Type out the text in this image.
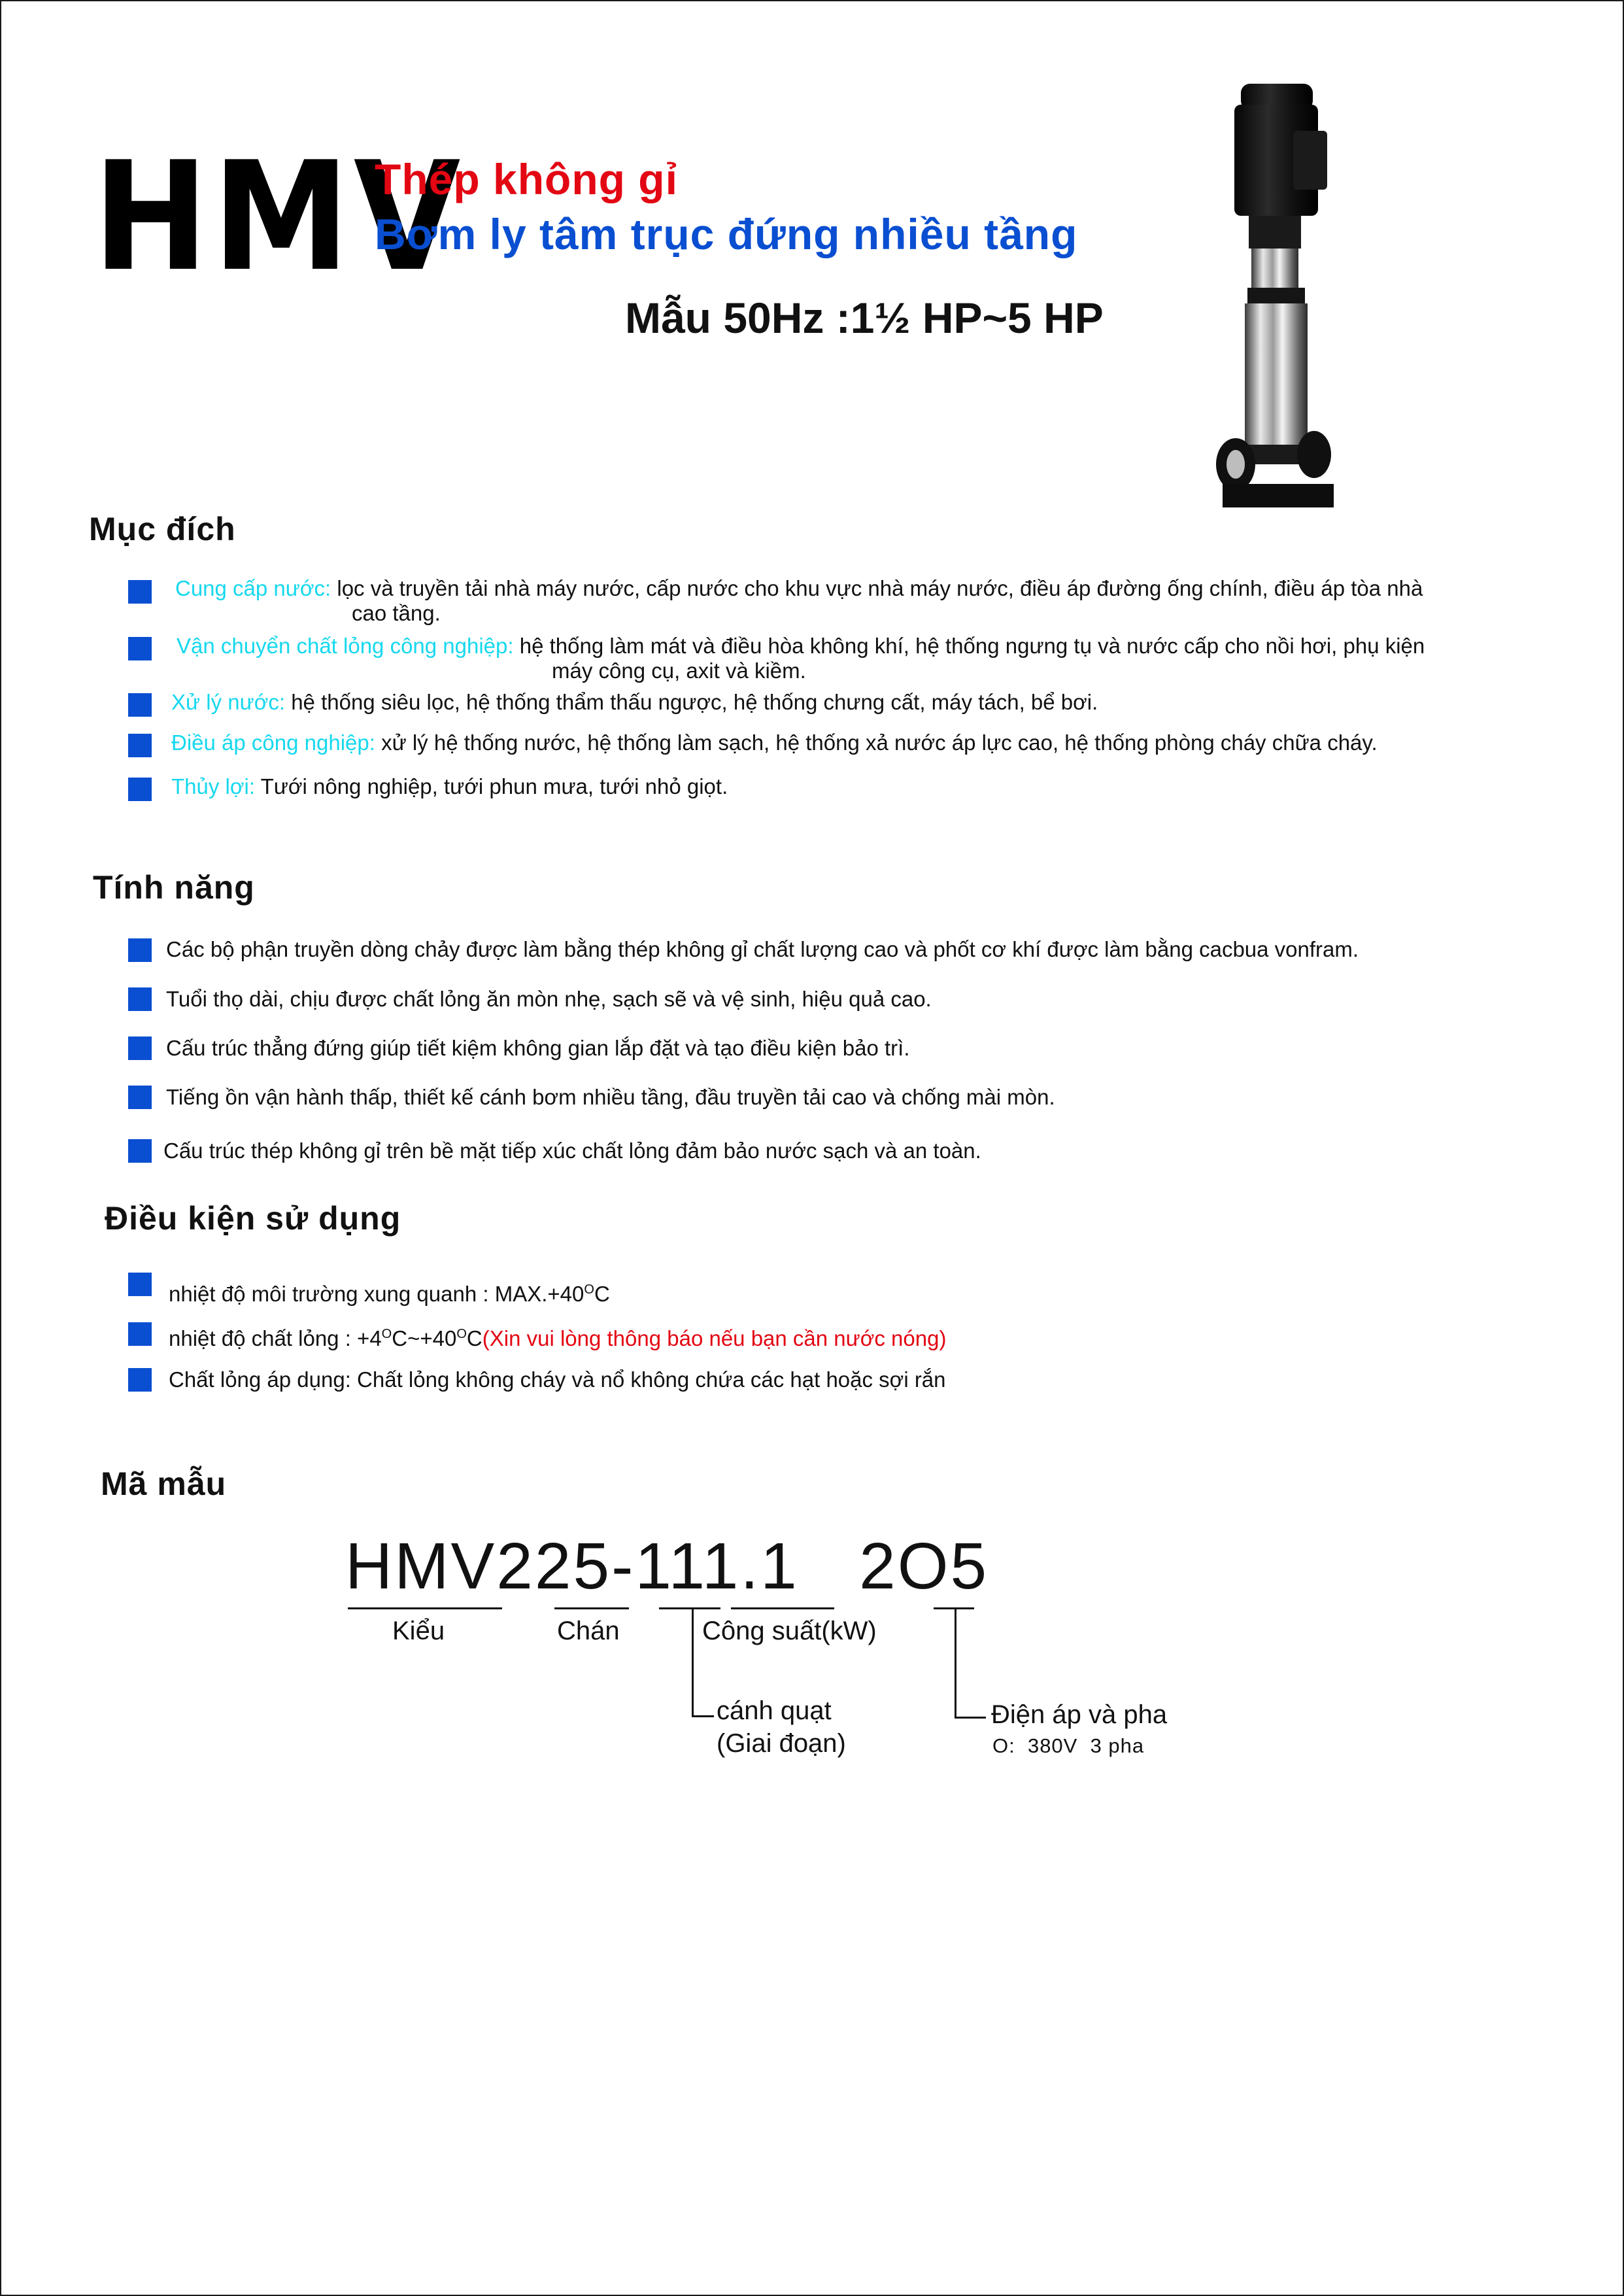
HMV
Thép không gỉ
Bơm ly tâm trục đứng nhiều tầng
Mẫu 50Hz :1½ HP~5 HP
Mục đích
Cung cấp nước: lọc và truyền tải nhà máy nước, cấp nước cho khu vực nhà máy nước, điều áp đường ống chính, điều áp tòa nhà
cao tầng.
Vận chuyển chất lỏng công nghiệp: hệ thống làm mát và điều hòa không khí, hệ thống ngưng tụ và nước cấp cho nồi hơi, phụ kiện
máy công cụ, axit và kiềm.
Xử lý nước: hệ thống siêu lọc, hệ thống thẩm thấu ngược, hệ thống chưng cất, máy tách, bể bơi.
Điều áp công nghiệp: xử lý hệ thống nước, hệ thống làm sạch, hệ thống xả nước áp lực cao, hệ thống phòng cháy chữa cháy.
Thủy lợi: Tưới nông nghiệp, tưới phun mưa, tưới nhỏ giọt.
Tính năng
Các bộ phận truyền dòng chảy được làm bằng thép không gỉ chất lượng cao và phốt cơ khí được làm bằng cacbua vonfram.
Tuổi thọ dài, chịu được chất lỏng ăn mòn nhẹ, sạch sẽ và vệ sinh, hiệu quả cao.
Cấu trúc thẳng đứng giúp tiết kiệm không gian lắp đặt và tạo điều kiện bảo trì.
Tiếng ồn vận hành thấp, thiết kế cánh bơm nhiều tầng, đầu truyền tải cao và chống mài mòn.
Cấu trúc thép không gỉ trên bề mặt tiếp xúc chất lỏng đảm bảo nước sạch và an toàn.
Điều kiện sử dụng
nhiệt độ môi trường xung quanh : $MAX.+40^OC$
nhiệt độ chất lỏng : $+4^OC\sim+40^OC(Xin$ vui lòng thông báo nếu bạn cần nước nóng)
Chất lỏng áp dụng: Chất lỏng không cháy và nổ không chứa các hạt hoặc sợi rắn
Mã mẫu
HMV225-111.1   2O5
Kiểu	Chán	Công suất(kW)
cánh quạt
(Giai đoạn)
Điện áp và pha
O:  380V  3 pha
